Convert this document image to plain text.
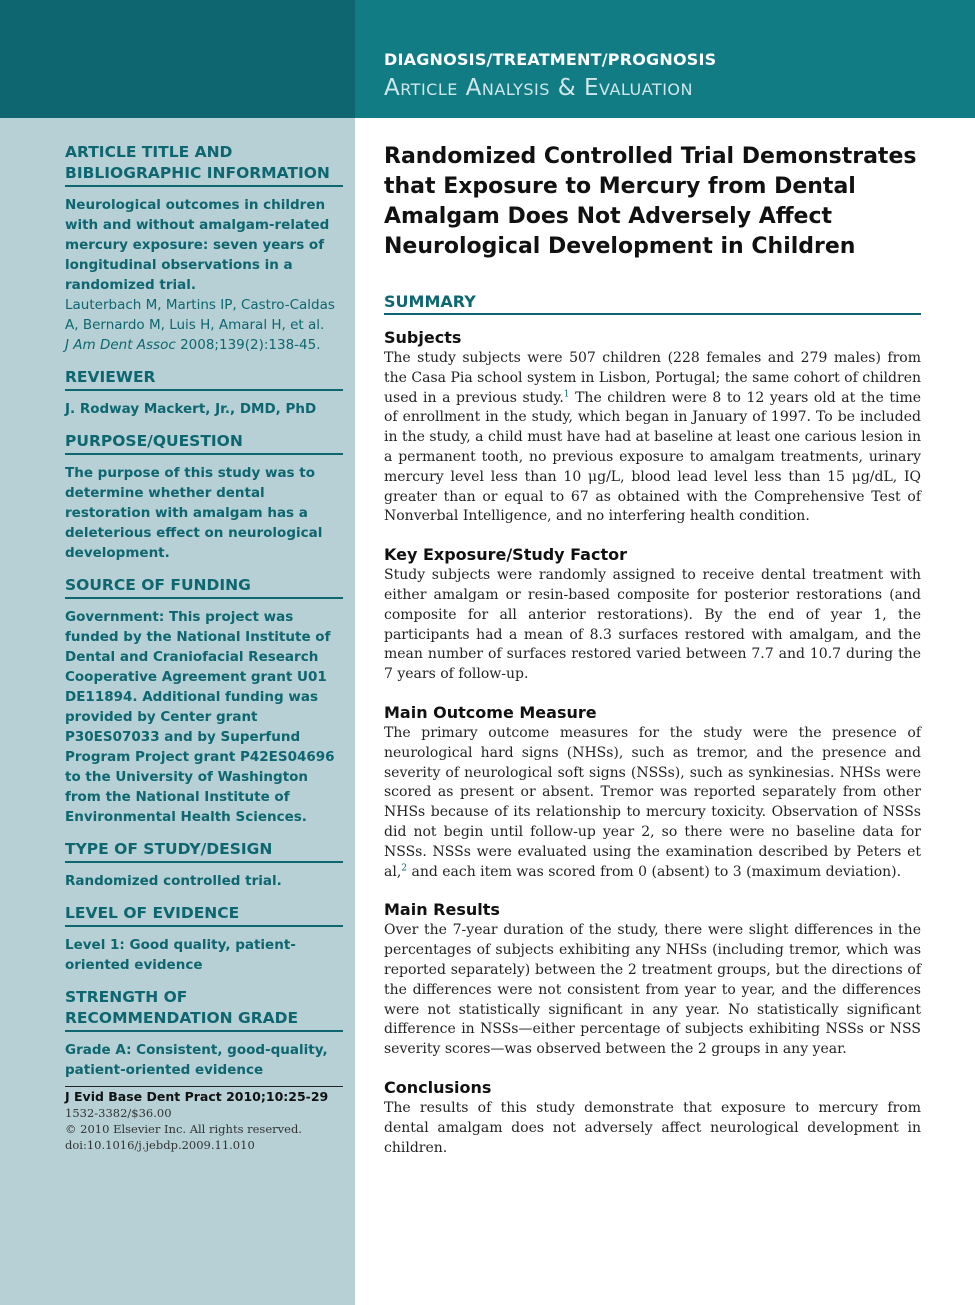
DIAGNOSIS/TREATMENT/PROGNOSIS
Article Analysis & Evaluation
ARTICLE TITLE AND BIBLIOGRAPHIC INFORMATION
Neurological outcomes in children with and without amalgam-related mercury exposure: seven years of longitudinal observations in a randomized trial.
Lauterbach M, Martins IP, Castro-Caldas A, Bernardo M, Luis H, Amaral H, et al.
J Am Dent Assoc 2008;139(2):138-45.
REVIEWER
J. Rodway Mackert, Jr., DMD, PhD
PURPOSE/QUESTION
The purpose of this study was to determine whether dental restoration with amalgam has a deleterious effect on neurological development.
SOURCE OF FUNDING
Government: This project was funded by the National Institute of Dental and Craniofacial Research Cooperative Agreement grant U01 DE11894. Additional funding was provided by Center grant P30ES07033 and by Superfund Program Project grant P42ES04696 to the University of Washington from the National Institute of Environmental Health Sciences.
TYPE OF STUDY/DESIGN
Randomized controlled trial.
LEVEL OF EVIDENCE
Level 1: Good quality, patient-oriented evidence
STRENGTH OF RECOMMENDATION GRADE
Grade A: Consistent, good-quality, patient-oriented evidence
J Evid Base Dent Pract 2010;10:25-29
1532-3382/$36.00
© 2010 Elsevier Inc. All rights reserved.
doi:10.1016/j.jebdp.2009.11.010
Randomized Controlled Trial Demonstrates that Exposure to Mercury from Dental Amalgam Does Not Adversely Affect Neurological Development in Children
SUMMARY
Subjects

The study subjects were 507 children (228 females and 279 males) from the Casa Pia school system in Lisbon, Portugal; the same cohort of children used in a previous study.$^1$ The children were 8 to 12 years old at the time of enrollment in the study, which began in January of 1997. To be included in the study, a child must have had at baseline at least one carious lesion in a permanent tooth, no previous exposure to amalgam treatments, urinary mercury level less than 10 μg/L, blood lead level less than 15 μg/dL, IQ greater than or equal to 67 as obtained with the Comprehensive Test of Nonverbal Intelligence, and no interfering health condition.

Key Exposure/Study Factor

Study subjects were randomly assigned to receive dental treatment with either amalgam or resin-based composite for posterior restorations (and composite for all anterior restorations). By the end of year 1, the participants had a mean of 8.3 surfaces restored with amalgam, and the mean number of surfaces restored varied between 7.7 and 10.7 during the 7 years of follow-up.

Main Outcome Measure

The primary outcome measures for the study were the presence of neurological hard signs (NHSs), such as tremor, and the presence and severity of neurological soft signs (NSSs), such as synkinesias. NHSs were scored as present or absent. Tremor was reported separately from other NHSs because of its relationship to mercury toxicity. Observation of NSSs did not begin until follow-up year 2, so there were no baseline data for NSSs. NSSs were evaluated using the examination described by Peters et al,$^2$ and each item was scored from 0 (absent) to 3 (maximum deviation).

Main Results

Over the 7-year duration of the study, there were slight differences in the percentages of subjects exhibiting any NHSs (including tremor, which was reported separately) between the 2 treatment groups, but the directions of the differences were not consistent from year to year, and the differences were not statistically significant in any year. No statistically significant difference in NSSs—either percentage of subjects exhibiting NSSs or NSS severity scores—was observed between the 2 groups in any year.

Conclusions

The results of this study demonstrate that exposure to mercury from dental amalgam does not adversely affect neurological development in children.
